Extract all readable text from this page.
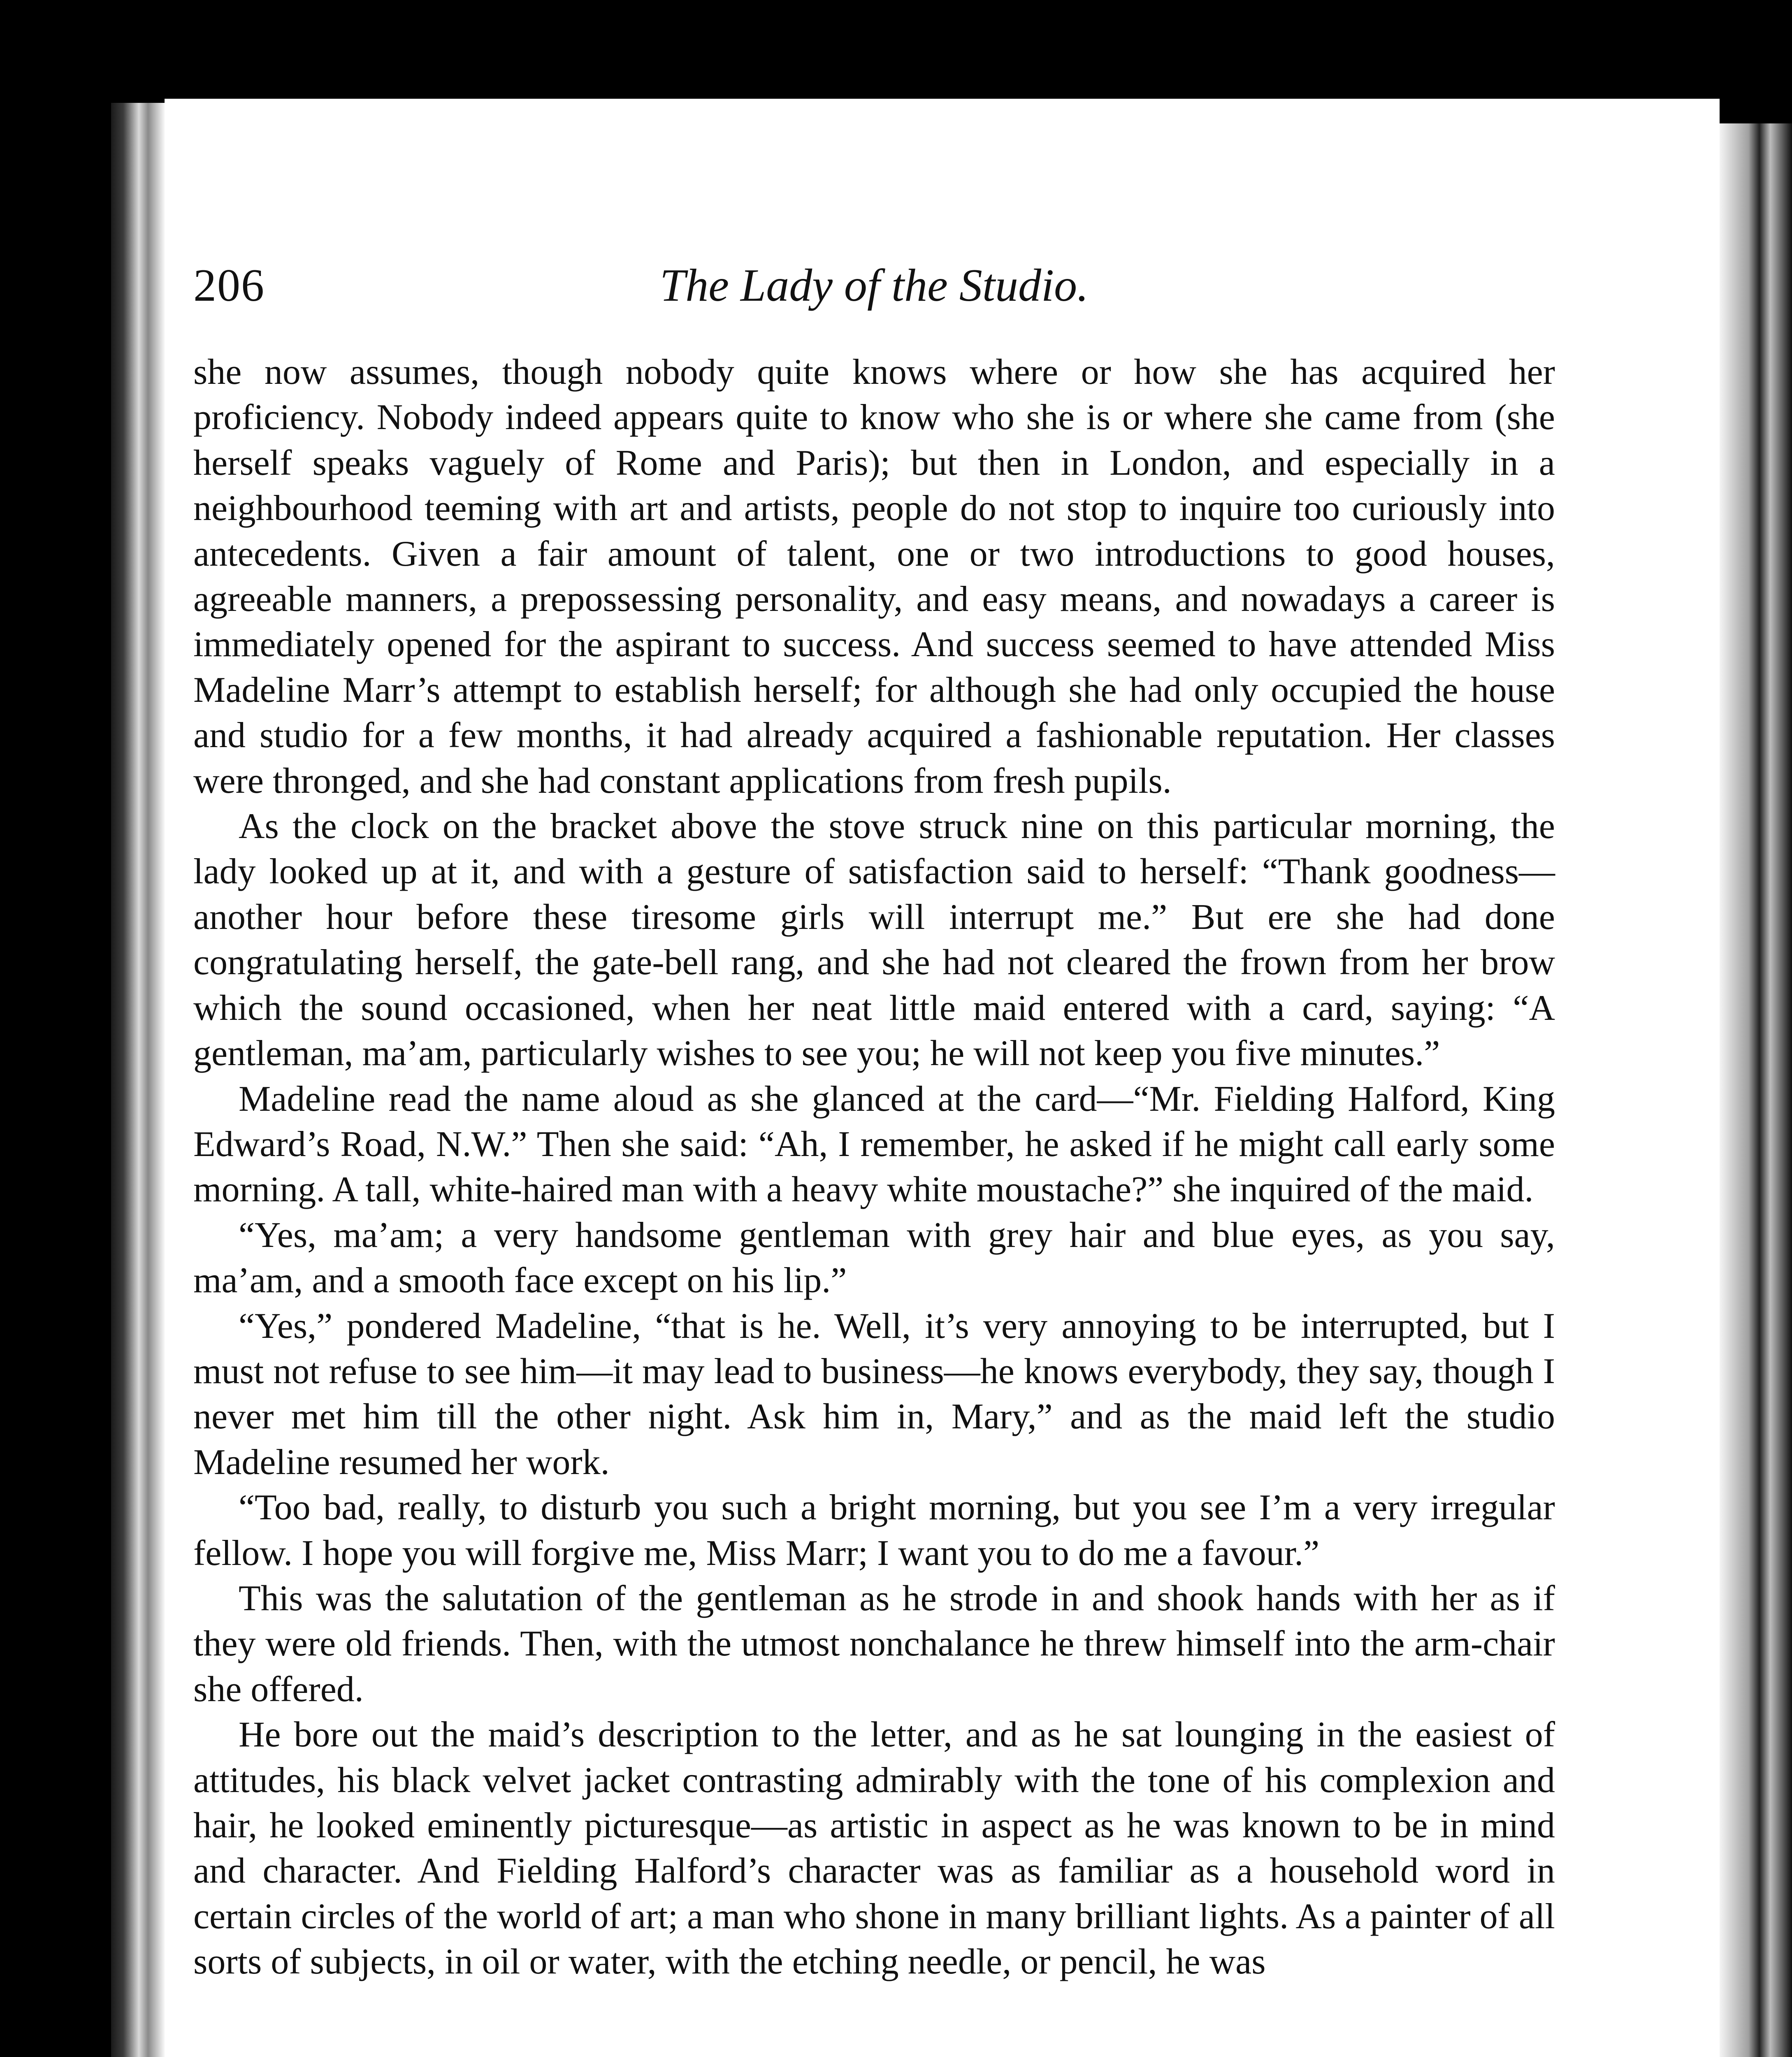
206	The Lady of the Studio.

she now assumes, though nobody quite knows where or how she has acquired her proficiency. Nobody indeed appears quite to know who she is or where she came from (she herself speaks vaguely of Rome and Paris); but then in London, and especially in a neighbourhood teeming with art and artists, people do not stop to inquire too curiously into antecedents. Given a fair amount of talent, one or two introductions to good houses, agreeable manners, a prepossessing personality, and easy means, and nowadays a career is immediately opened for the aspirant to success. And success seemed to have attended Miss Madeline Marr’s attempt to establish herself; for although she had only occupied the house and studio for a few months, it had already acquired a fashionable reputation. Her classes were thronged, and she had constant applications from fresh pupils.

As the clock on the bracket above the stove struck nine on this particular morning, the lady looked up at it, and with a gesture of satisfaction said to herself: “Thank goodness—another hour before these tiresome girls will interrupt me.” But ere she had done congratulating herself, the gate-bell rang, and she had not cleared the frown from her brow which the sound occasioned, when her neat little maid entered with a card, saying: “A gentleman, ma’am, particularly wishes to see you; he will not keep you five minutes.”

Madeline read the name aloud as she glanced at the card—“Mr. Fielding Halford, King Edward’s Road, N.W.” Then she said: “Ah, I remember, he asked if he might call early some morning. A tall, white-haired man with a heavy white moustache?” she inquired of the maid.

“Yes, ma’am; a very handsome gentleman with grey hair and blue eyes, as you say, ma’am, and a smooth face except on his lip.”

“Yes,” pondered Madeline, “that is he. Well, it’s very annoying to be interrupted, but I must not refuse to see him—it may lead to business—he knows everybody, they say, though I never met him till the other night. Ask him in, Mary,” and as the maid left the studio Madeline resumed her work.

“Too bad, really, to disturb you such a bright morning, but you see I’m a very irregular fellow. I hope you will forgive me, Miss Marr; I want you to do me a favour.”

This was the salutation of the gentleman as he strode in and shook hands with her as if they were old friends. Then, with the utmost nonchalance he threw himself into the arm-chair she offered.

He bore out the maid’s description to the letter, and as he sat lounging in the easiest of attitudes, his black velvet jacket contrasting admirably with the tone of his complexion and hair, he looked eminently picturesque—as artistic in aspect as he was known to be in mind and character. And Fielding Halford’s character was as familiar as a household word in certain circles of the world of art; a man who shone in many brilliant lights. As a painter of all sorts of subjects, in oil or water, with the etching needle, or pencil, he was
